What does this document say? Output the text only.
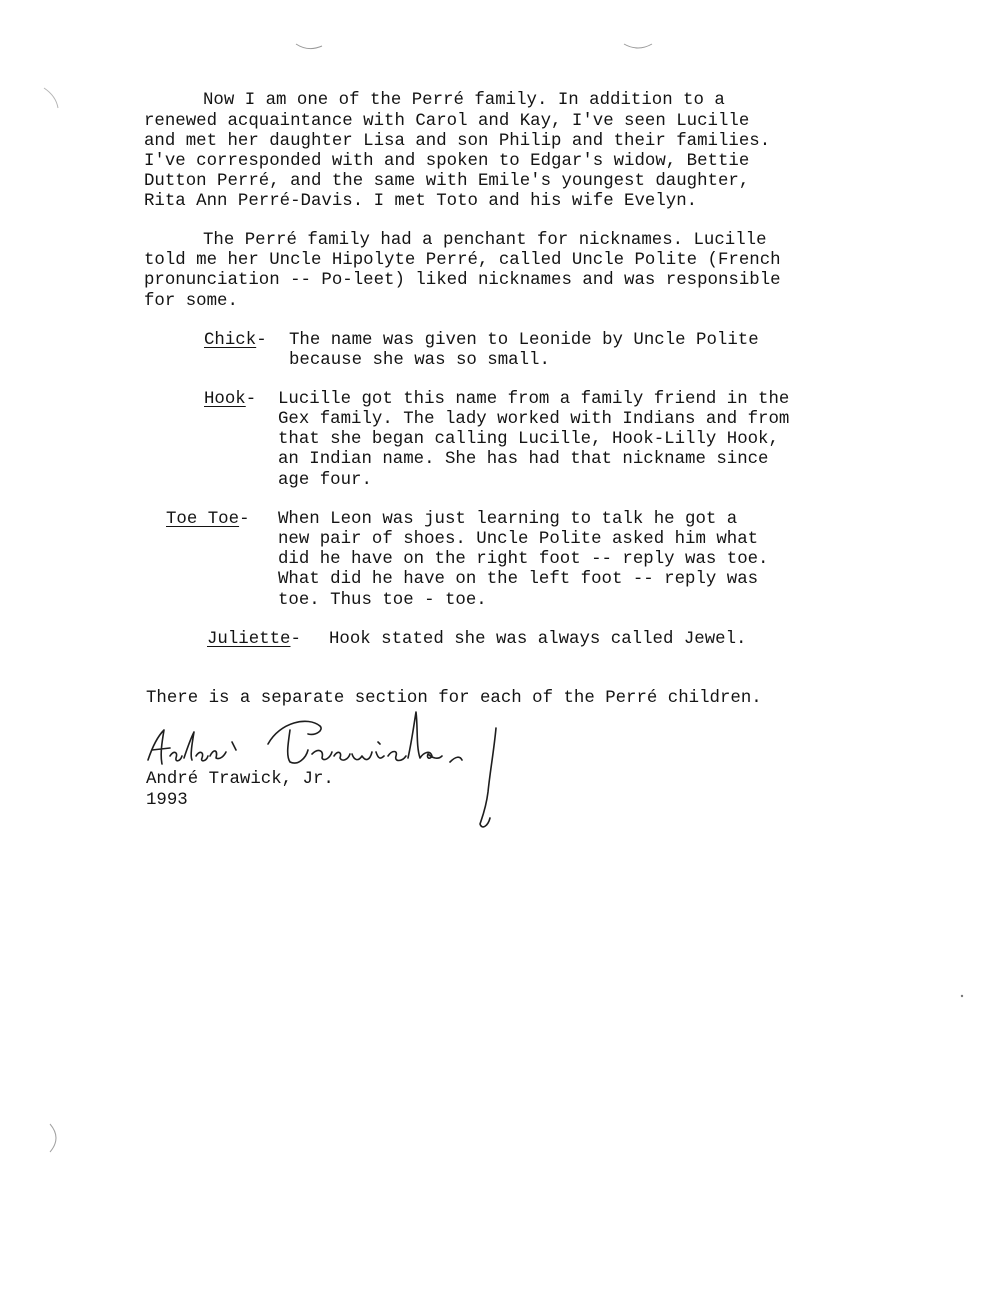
Now I am one of the Perré family. In addition to a
renewed acquaintance with Carol and Kay, I've seen Lucille
and met her daughter Lisa and son Philip and their families.
I've corresponded with and spoken to Edgar's widow, Bettie
Dutton Perré, and the same with Emile's youngest daughter,
Rita Ann Perré-Davis. I met Toto and his wife Evelyn.
The Perré family had a penchant for nicknames. Lucille
told me her Uncle Hipolyte Perré, called Uncle Polite (French
pronunciation -- Po-leet) liked nicknames and was responsible
for some.
Chick- The name was given to Leonide by Uncle Polite
because she was so small.
Hook- Lucille got this name from a family friend in the
Gex family. The lady worked with Indians and from
that she began calling Lucille, Hook-Lilly Hook,
an Indian name. She has had that nickname since
age four.
Toe Toe- When Leon was just learning to talk he got a
new pair of shoes. Uncle Polite asked him what
did he have on the right foot -- reply was toe.
What did he have on the left foot -- reply was
toe. Thus toe - toe.
Juliette- Hook stated she was always called Jewel.
There is a separate section for each of the Perré children.
André Trawick, Jr.
1993
